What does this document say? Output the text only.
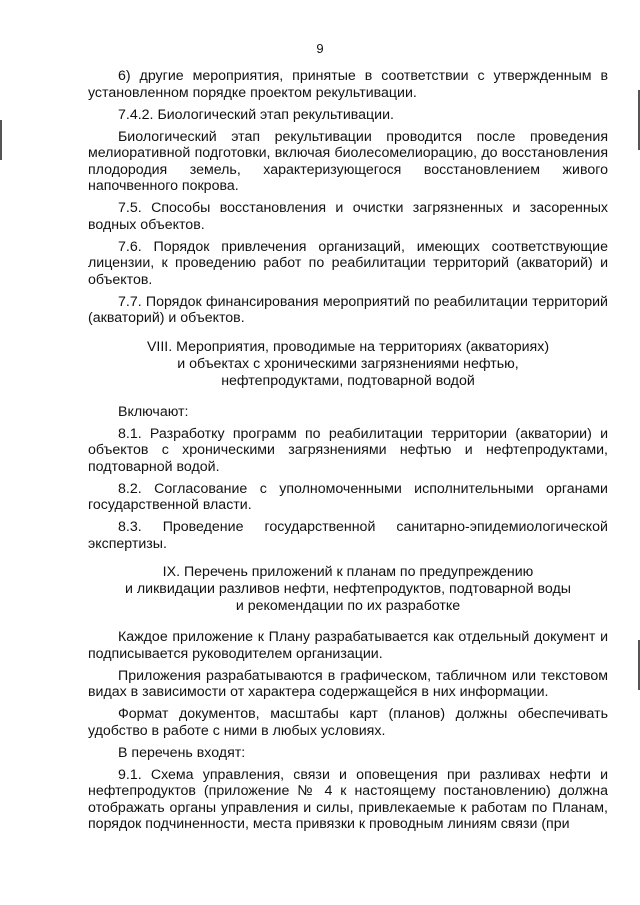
9

6) другие мероприятия, принятые в соответствии с утвержденным в установленном порядке проектом рекультивации.

7.4.2. Биологический этап рекультивации.

Биологический этап рекультивации проводится после проведения мелиоративной подготовки, включая биолесомелиорацию, до восстановления плодородия земель, характеризующегося восстановлением живого напочвенного покрова.

7.5. Способы восстановления и очистки загрязненных и засоренных водных объектов.

7.6. Порядок привлечения организаций, имеющих соответствующие лицензии, к проведению работ по реабилитации территорий (акваторий) и объектов.

7.7. Порядок финансирования мероприятий по реабилитации территорий (акваторий) и объектов.

VIII. Мероприятия, проводимые на территориях (акваториях)
и объектах с хроническими загрязнениями нефтью,
нефтепродуктами, подтоварной водой

Включают:

8.1. Разработку программ по реабилитации территории (акватории) и объектов с хроническими загрязнениями нефтью и нефтепродуктами, подтоварной водой.

8.2. Согласование с уполномоченными исполнительными органами государственной власти.

8.3. Проведение государственной санитарно-эпидемиологической экспертизы.

IX. Перечень приложений к планам по предупреждению
и ликвидации разливов нефти, нефтепродуктов, подтоварной воды
и рекомендации по их разработке

Каждое приложение к Плану разрабатывается как отдельный документ и подписывается руководителем организации.

Приложения разрабатываются в графическом, табличном или текстовом видах в зависимости от характера содержащейся в них информации.

Формат документов, масштабы карт (планов) должны обеспечивать удобство в работе с ними в любых условиях.

В перечень входят:

9.1. Схема управления, связи и оповещения при разливах нефти и нефтепродуктов (приложение № 4 к настоящему постановлению) должна отображать органы управления и силы, привлекаемые к работам по Планам, порядок подчиненности, места привязки к проводным линиям связи (при
